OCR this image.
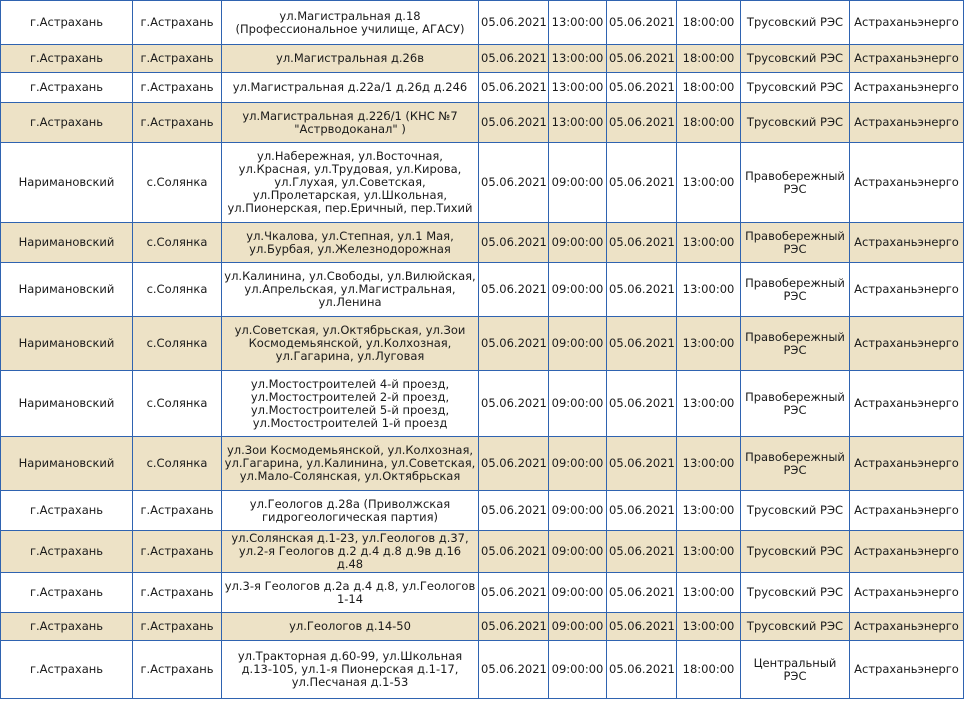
г.Астрахань	г.Астрахань	ул.Магистральная д.18
(Профессиональное училище, АГАСУ)	05.06.2021	13:00:00	05.06.2021	18:00:00	Трусовский РЭС	Астраханьэнерго
г.Астрахань	г.Астрахань	ул.Магистральная д.26в	05.06.2021	13:00:00	05.06.2021	18:00:00	Трусовский РЭС	Астраханьэнерго
г.Астрахань	г.Астрахань	ул.Магистральная д.22а/1 д.26д д.246	05.06.2021	13:00:00	05.06.2021	18:00:00	Трусовский РЭС	Астраханьэнерго
г.Астрахань	г.Астрахань	ул.Магистральная д.22б/1 (КНС №7
"Астрводоканал" )	05.06.2021	13:00:00	05.06.2021	18:00:00	Трусовский РЭС	Астраханьэнерго
Наримановский	с.Солянка	ул.Набережная, ул.Восточная,
ул.Красная, ул.Трудовая, ул.Кирова,
ул.Глухая, ул.Советская,
ул.Пролетарская, ул.Школьная,
ул.Пионерская, пер.Еричный, пер.Тихий	05.06.2021	09:00:00	05.06.2021	13:00:00	Правобережный
РЭС	Астраханьэнерго
Наримановский	с.Солянка	ул.Чкалова, ул.Степная, ул.1 Мая,
ул.Бурбая, ул.Железнодорожная	05.06.2021	09:00:00	05.06.2021	13:00:00	Правобережный
РЭС	Астраханьэнерго
Наримановский	с.Солянка	ул.Калинина, ул.Свободы, ул.Вилюйская,
ул.Апрельская, ул.Магистральная,
ул.Ленина	05.06.2021	09:00:00	05.06.2021	13:00:00	Правобережный
РЭС	Астраханьэнерго
Наримановский	с.Солянка	ул.Советская, ул.Октябрьская, ул.Зои
Космодемьянской, ул.Колхозная,
ул.Гагарина, ул.Луговая	05.06.2021	09:00:00	05.06.2021	13:00:00	Правобережный
РЭС	Астраханьэнерго
Наримановский	с.Солянка	ул.Мостостроителей 4-й проезд,
ул.Мостостроителей 2-й проезд,
ул.Мостостроителей 5-й проезд,
ул.Мостостроителей 1-й проезд	05.06.2021	09:00:00	05.06.2021	13:00:00	Правобережный
РЭС	Астраханьэнерго
Наримановский	с.Солянка	ул.Зои Космодемьянской, ул.Колхозная,
ул.Гагарина, ул.Калинина, ул.Советская,
ул.Мало-Солянская, ул.Октябрьская	05.06.2021	09:00:00	05.06.2021	13:00:00	Правобережный
РЭС	Астраханьэнерго
г.Астрахань	г.Астрахань	ул.Геологов д.28а (Приволжская
гидрогеологическая партия)	05.06.2021	09:00:00	05.06.2021	13:00:00	Трусовский РЭС	Астраханьэнерго
г.Астрахань	г.Астрахань	ул.Солянская д.1-23, ул.Геологов д.37,
ул.2-я Геологов д.2 д.4 д.8 д.9в д.16 д.48	05.06.2021	09:00:00	05.06.2021	13:00:00	Трусовский РЭС	Астраханьэнерго
г.Астрахань	г.Астрахань	ул.3-я Геологов д.2а д.4 д.8, ул.Геологов
1-14	05.06.2021	09:00:00	05.06.2021	13:00:00	Трусовский РЭС	Астраханьэнерго
г.Астрахань	г.Астрахань	ул.Геологов д.14-50	05.06.2021	09:00:00	05.06.2021	13:00:00	Трусовский РЭС	Астраханьэнерго
г.Астрахань	г.Астрахань	ул.Тракторная д.60-99, ул.Школьная
д.13-105, ул.1-я Пионерская д.1-17,
ул.Песчаная д.1-53	05.06.2021	09:00:00	05.06.2021	18:00:00	Центральный
РЭС	Астраханьэнерго
